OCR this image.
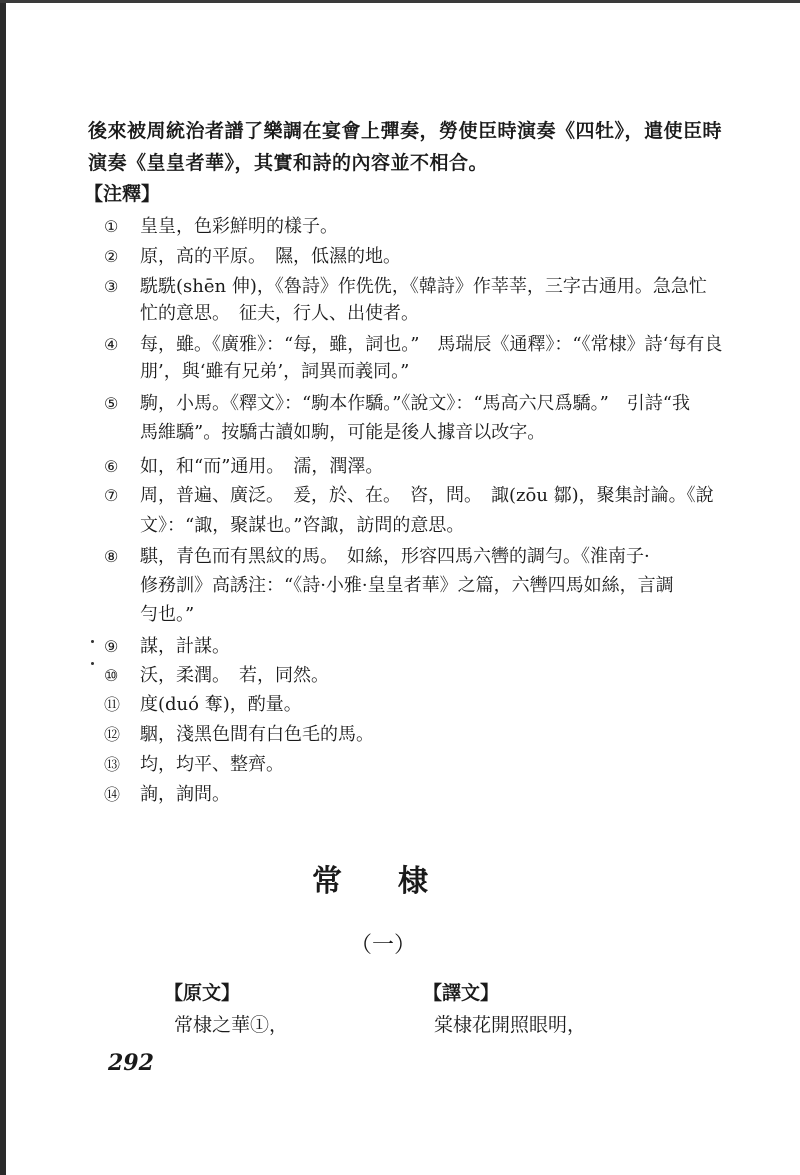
後來被周統治者譜了樂調在宴會上彈奏，勞使臣時演奏《四牡》，遣使臣時
演奏《皇皇者華》，其實和詩的內容並不相合。
【注釋】
① 皇皇，色彩鮮明的樣子。
② 原，高的平原。　隰，低濕的地。
③ 駪駪(shēn 伸)，《魯詩》作侁侁，《韓詩》作莘莘，三字古通用。急急忙
忙的意思。　征夫，行人、出使者。
④ 每，雖。《廣雅》：“每，雖，詞也。”　馬瑞辰《通釋》：“《常棣》詩‘每有良
朋’，與‘雖有兄弟’，詞異而義同。”
⑤ 駒，小馬。《釋文》：“駒本作驕。”《說文》：“馬高六尺爲驕。”　引詩“我
馬維驕”。按驕古讀如駒，可能是後人據音以改字。
⑥ 如，和“而”通用。　濡，潤澤。
⑦ 周，普遍、廣泛。　爰，於、在。　咨，問。　諏(zōu 鄒)，聚集討論。《說
文》：“諏，聚謀也。”咨諏，訪問的意思。
⑧ 騏，青色而有黑紋的馬。　如絲，形容四馬六轡的調勻。《淮南子·
修務訓》高誘注：“《詩·小雅·皇皇者華》之篇，六轡四馬如絲，言調
勻也。”
⑨ 謀，計謀。
⑩ 沃，柔潤。　若，同然。
⑪ 度(duó 奪)，酌量。
⑫ 駰，淺黑色間有白色毛的馬。
⑬ 均，均平、整齊。
⑭ 詢，詢問。
常棣
（一）
【原文】	【譯文】
常棣之華①，	棠棣花開照眼明，
292
